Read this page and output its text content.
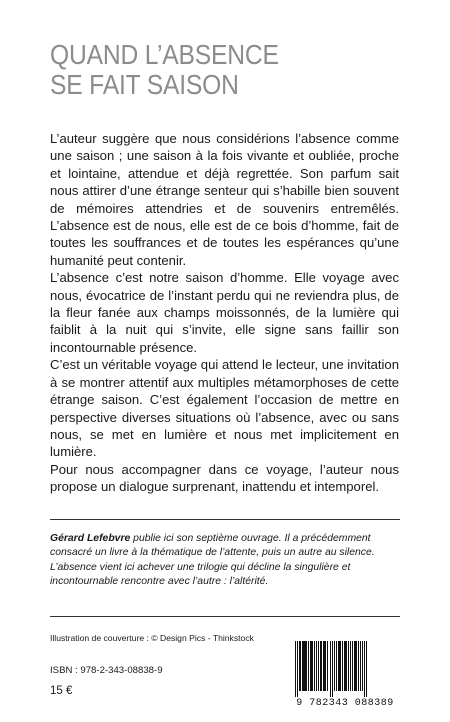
QUAND L’ABSENCE
SE FAIT SAISON

L’auteur suggère que nous considérions l’absence comme une saison ; une saison à la fois vivante et oubliée, proche et lointaine, attendue et déjà regrettée. Son parfum sait nous attirer d’une étrange senteur qui s’habille bien souvent de mémoires attendries et de souvenirs entremêlés. L’absence est de nous, elle est de ce bois d’homme, fait de toutes les souffrances et de toutes les espérances qu’une humanité peut contenir.

L’absence c’est notre saison d’homme. Elle voyage avec nous, évocatrice de l’instant perdu qui ne reviendra plus, de la fleur fanée aux champs moissonnés, de la lumière qui faiblit à la nuit qui s’invite, elle signe sans faillir son incontournable présence.

C’est un véritable voyage qui attend le lecteur, une invitation à se montrer attentif aux multiples métamorphoses de cette étrange saison. C’est également l’occasion de mettre en perspective diverses situations où l’absence, avec ou sans nous, se met en lumière et nous met implicitement en lumière.

Pour nous accompagner dans ce voyage, l’auteur nous propose un dialogue surprenant, inattendu et intemporel.

Gérard Lefebvre publie ici son septième ouvrage. Il a précédemment consacré un livre à la thématique de l’attente, puis un autre au silence. L’absence vient ici achever une trilogie qui décline la singulière et incontournable rencontre avec l’autre : l’altérité.
Illustration de couverture : © Design Pics - Thinkstock
ISBN : 978-2-343-08838-9
15 €
9 782343 088389
